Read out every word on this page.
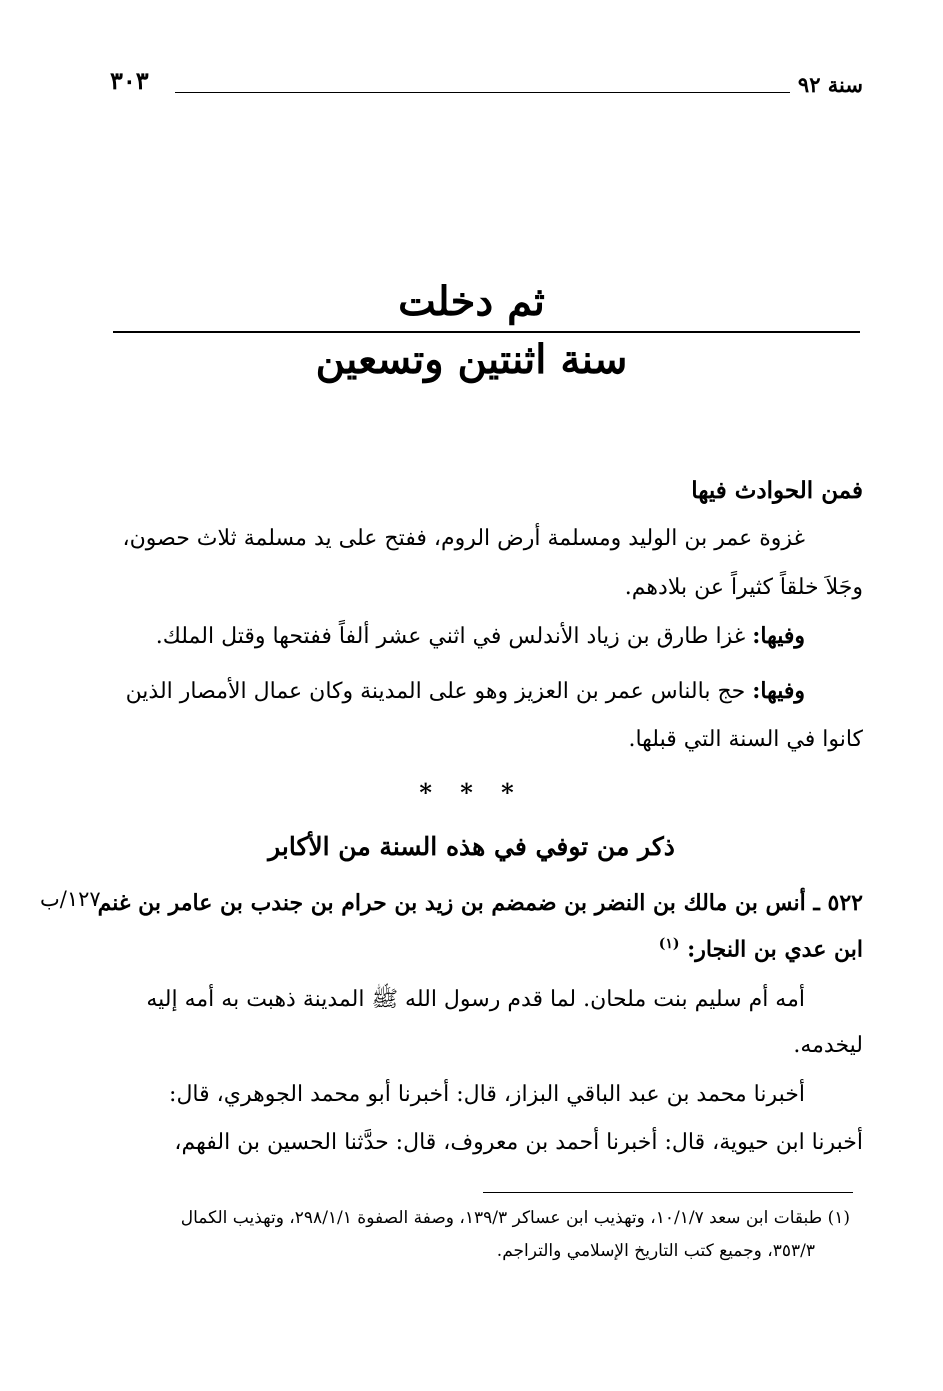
سنة ٩٢
٣٠٣
ثم دخلت
سنة اثنتين وتسعين
فمن الحوادث فيها
غزوة عمر بن الوليد ومسلمة أرض الروم، ففتح على يد مسلمة ثلاث حصون،
وجَلاَ خلقاً كثيراً عن بلادهم.
وفيها: غزا طارق بن زياد الأندلس في اثني عشر ألفاً ففتحها وقتل الملك.
وفيها: حج بالناس عمر بن العزيز وهو على المدينة وكان عمال الأمصار الذين
كانوا في السنة التي قبلها.
* * *
ذكر من توفي في هذه السنة من الأكابر
٥٢٢ ـ أنس بن مالك بن النضر بن ضمضم بن زيد بن حرام بن جندب بن عامر بن غنم
١٢٧/ب
ابن عدي بن النجار: $^{(١)}$
أمه أم سليم بنت ملحان. لما قدم رسول الله ﷺ المدينة ذهبت به أمه إليه
ليخدمه.
أخبرنا محمد بن عبد الباقي البزاز، قال: أخبرنا أبو محمد الجوهري، قال:
أخبرنا ابن حيوية، قال: أخبرنا أحمد بن معروف، قال: حدَّثنا الحسين بن الفهم،
(١) طبقات ابن سعد ١٠/١/٧، وتهذيب ابن عساكر ١٣٩/٣، وصفة الصفوة ٢٩٨/١/١، وتهذيب الكمال
٣٥٣/٣، وجميع كتب التاريخ الإسلامي والتراجم.
